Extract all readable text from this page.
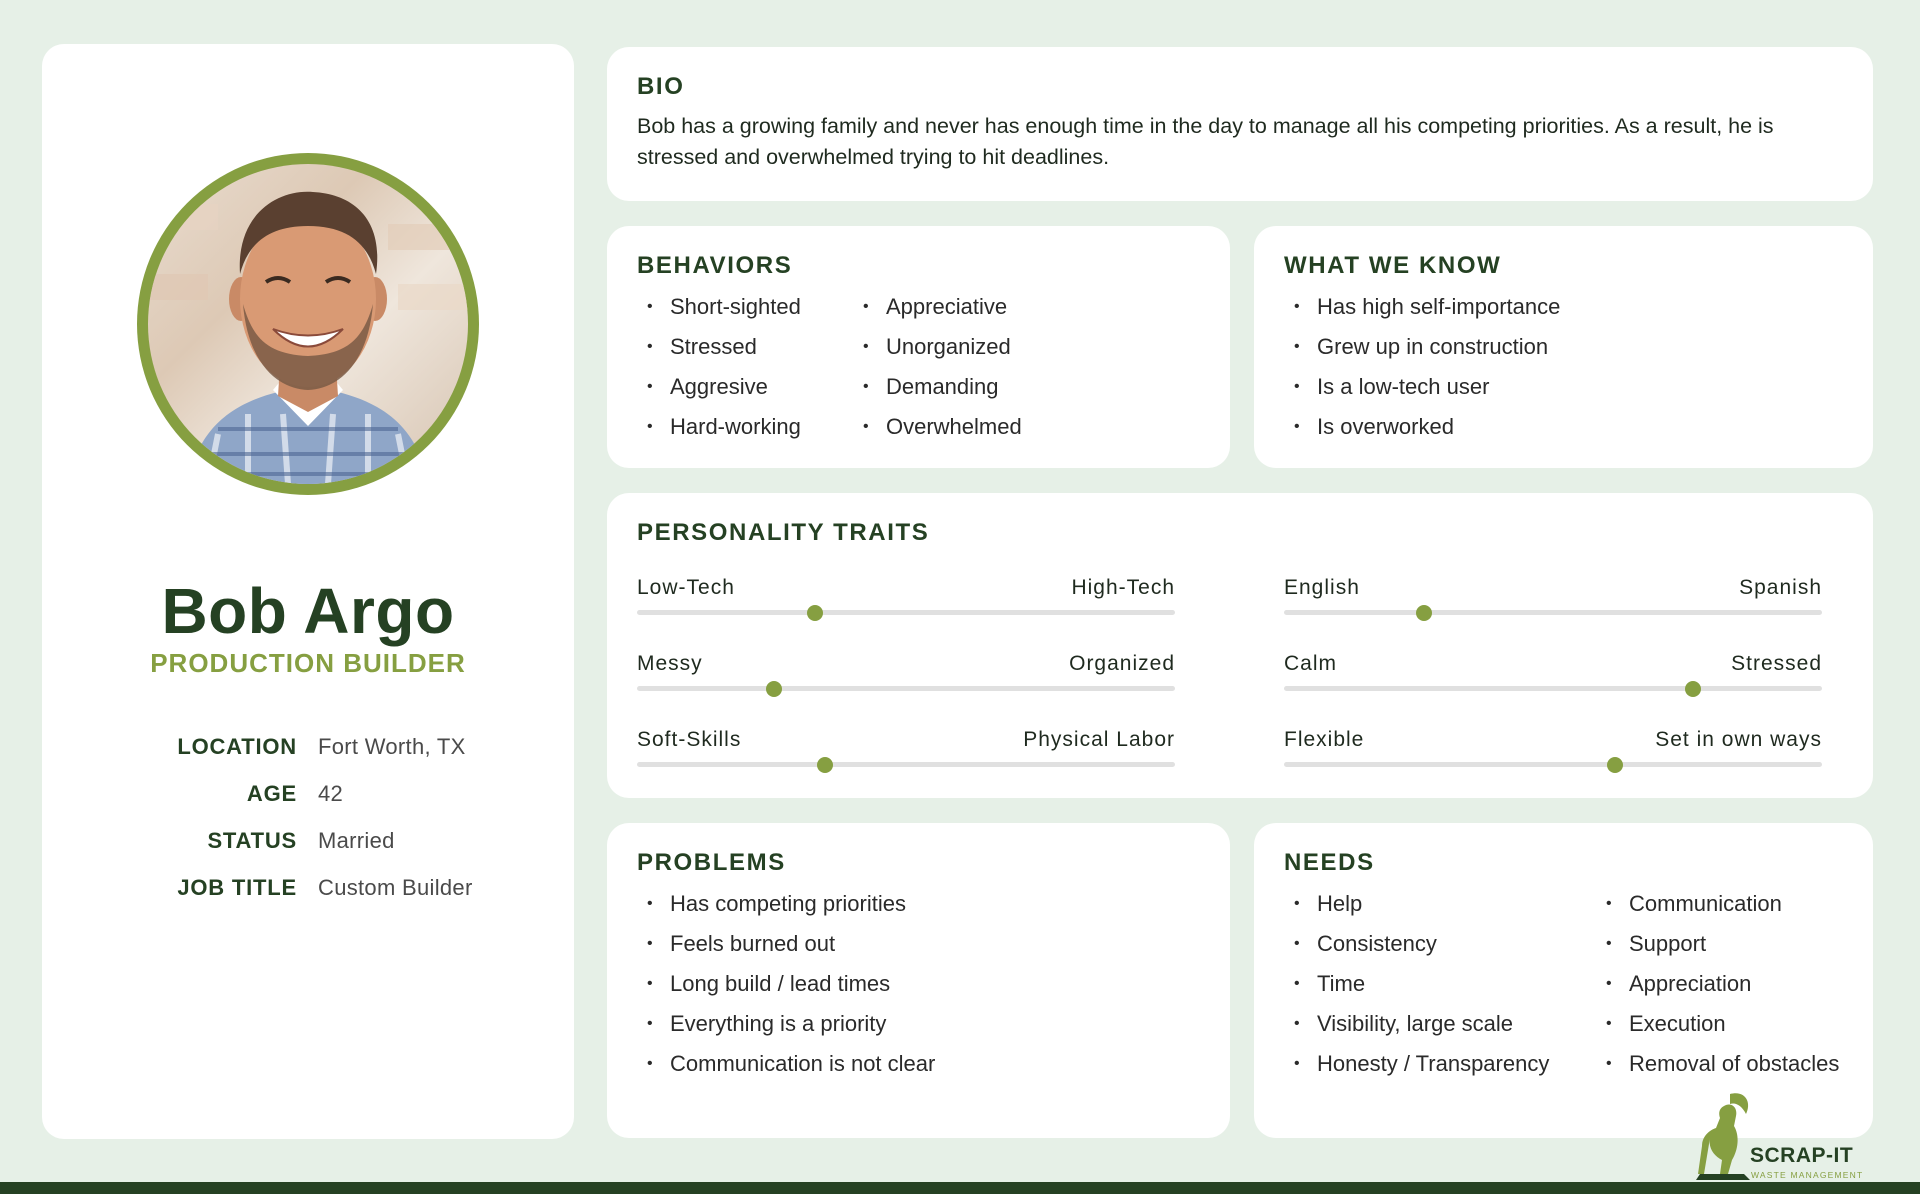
Bob Argo
PRODUCTION BUILDER
LOCATION Fort Worth, TX
AGE 42
STATUS Married
JOB TITLE Custom Builder
BIO
Bob has a growing family and never has enough time in the day to manage all his competing priorities. As a result, he is stressed and overwhelmed trying to hit deadlines.
BEHAVIORS
• Short-sighted
• Stressed
• Aggresive
• Hard-working
• Appreciative
• Unorganized
• Demanding
• Overwhelmed
WHAT WE KNOW
• Has high self-importance
• Grew up in construction
• Is a low-tech user
• Is overworked
PERSONALITY TRAITS
Low-Tech	High-Tech	English	Spanish
Messy	Organized	Calm	Stressed
Soft-Skills	Physical Labor	Flexible	Set in own ways
PROBLEMS
• Has competing priorities
• Feels burned out
• Long build / lead times
• Everything is a priority
• Communication is not clear
NEEDS
• Help
• Consistency
• Time
• Visibility, large scale
• Honesty / Transparency
• Communication
• Support
• Appreciation
• Execution
• Removal of obstacles
SCRAP-IT
WASTE MANAGEMENT
